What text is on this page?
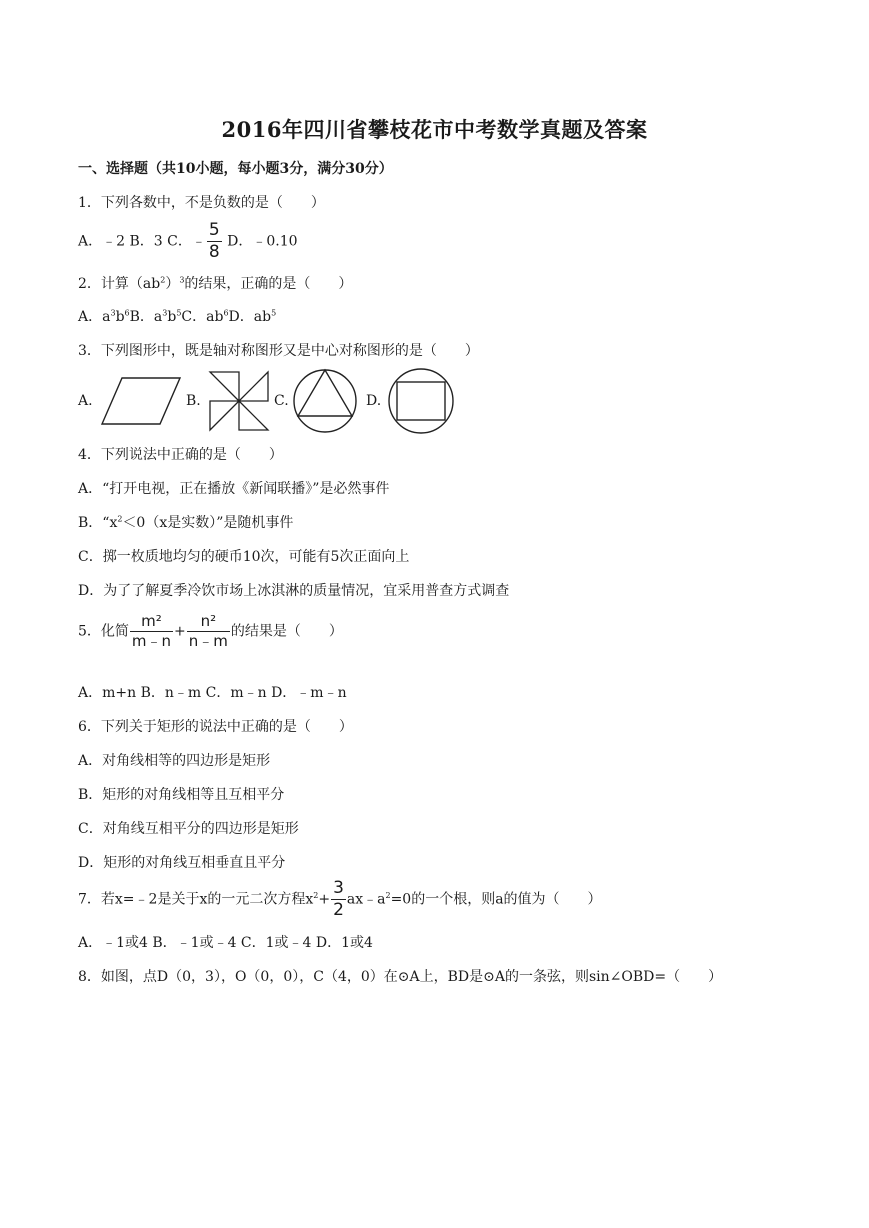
2016年四川省攀枝花市中考数学真题及答案
一、选择题（共10小题，每小题3分，满分30分）
1．下列各数中，不是负数的是（　　）
A．﹣2 B．3 C．﹣ $\frac{5}{8}$ D．﹣0.10
2．计算$(ab^2)^3$的结果，正确的是（　　）
A．$a^3b^6B$．$a^3b^5C$．$ab^6D$．$ab^5$
3．下列图形中，既是轴对称图形又是中心对称图形的是（　　）
A.	B.	C.	D.
4．下列说法中正确的是（　　）
A．“打开电视，正在播放《新闻联播》”是必然事件
B．“$x^2<0(x$是实数）”是随机事件
C．掷一枚质地均匀的硬币10次，可能有5次正面向上
D．为了了解夏季冷饮市场上冰淇淋的质量情况，宜采用普查方式调查
5．化简 $\frac{\text{m²}}{m﹣n} + \frac{\text{n²}}{n﹣m}$ 的结果是（　　）
A．m+n B．n﹣m C．m﹣n D．﹣m﹣n
6．下列关于矩形的说法中正确的是（　　）
A．对角线相等的四边形是矩形
B．矩形的对角线相等且互相平分
C．对角线互相平分的四边形是矩形
D．矩形的对角线互相垂直且平分
7．若x=﹣2是关于x的一元二次方程$x^2+ \frac{3}{2}$ $ax﹣a^2=0$的一个根，则a的值为（　　）
A．﹣1或4 B．﹣1或﹣4 C．1或﹣4 D．1或4
8．如图，点D（0，3），O（0，0），C（4，0）在⊙A上，BD是⊙A的一条弦，则sin∠OBD=（　　）
